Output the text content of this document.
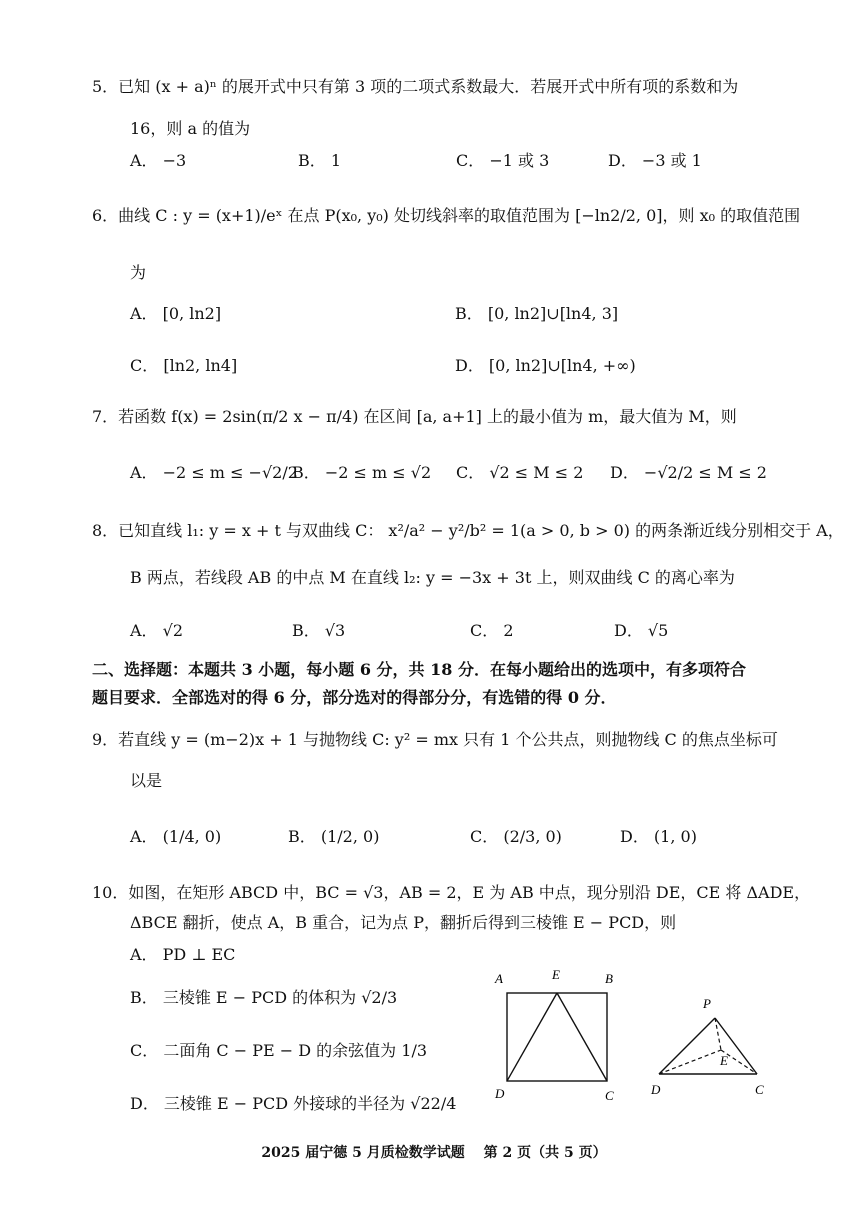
5．已知 (x + a)ⁿ 的展开式中只有第 3 项的二项式系数最大．若展开式中所有项的系数和为
16，则 a 的值为
A． −3	B． 1	C． −1 或 3	D． −3 或 1
6．曲线 C : y = (x+1)/eˣ 在点 P(x₀, y₀) 处切线斜率的取值范围为 [−ln2/2, 0]，则 x₀ 的取值范围
为
A． [0, ln2]	B． [0, ln2]∪[ln4, 3]
C． [ln2, ln4]	D． [0, ln2]∪[ln4, +∞)
7．若函数 f(x) = 2sin(π/2 x − π/4) 在区间 [a, a+1] 上的最小值为 m，最大值为 M，则
A． −2 ≤ m ≤ −√2/2
B． −2 ≤ m ≤ √2 C． √2 ≤ M ≤ 2 D． −√2/2 ≤ M ≤ 2
8．已知直线 l₁: y = x + t 与双曲线 C： x²/a² − y²/b² = 1(a > 0, b > 0) 的两条渐近线分别相交于 A，
B 两点，若线段 AB 的中点 M 在直线 l₂: y = −3x + 3t 上，则双曲线 C 的离心率为
A． √2	B． √3	C． 2	D． √5
二、选择题：本题共 3 小题，每小题 6 分，共 18 分．在每小题给出的选项中，有多项符合
题目要求．全部选对的得 6 分，部分选对的得部分分，有选错的得 0 分．
9．若直线 y = (m−2)x + 1 与抛物线 C: y² = mx 只有 1 个公共点，则抛物线 C 的焦点坐标可
以是
A． (1/4, 0)	B． (1/2, 0)	C． (2/3, 0)	D． (1, 0)
10．如图，在矩形 ABCD 中，BC = √3，AB = 2，E 为 AB 中点，现分别沿 DE，CE 将 ΔADE，
ΔBCE 翻折，使点 A，B 重合，记为点 P，翻折后得到三棱锥 E − PCD，则
A． PD ⊥ EC
B． 三棱锥 E − PCD 的体积为 √2/3
C． 二面角 C − PE − D 的余弦值为 1/3
D． 三棱锥 E − PCD 外接球的半径为 √22/4
A	E	B
D	C
P
E
D	C
2025 届宁德 5 月质检数学试题　 第 2 页（共 5 页）
